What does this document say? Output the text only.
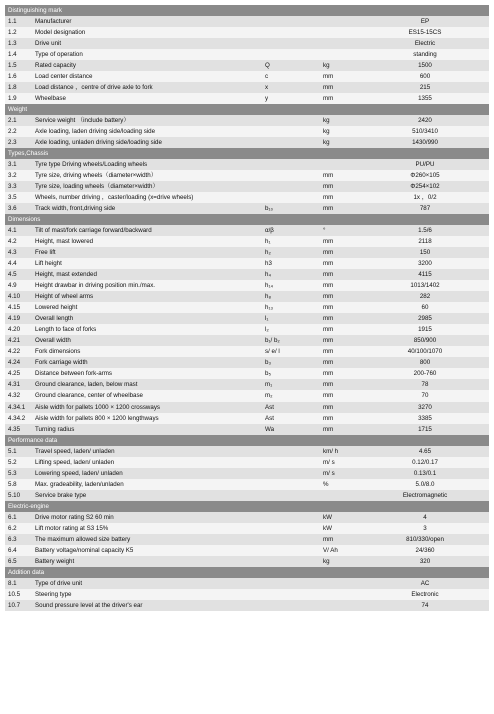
Distinguishing mark
1.1	Manufacturer	EP
1.2	Model designation	ES15-15CS
1.3	Drive unit	Electric
1.4	Type of operation	standing
1.5	Rated capacity	Q	kg	1500
1.6	Load center distance	c	mm	600
1.8	Load distance ，centre of drive axle to fork	x	mm	215
1.9	Wheelbase	y	mm	1355
Weight
2.1	Service weight （include battery）	kg	2420
2.2	Axle loading, laden driving side/loading side	kg	510/3410
2.3	Axle loading, unladen driving side/loading side	kg	1430/990
Types,Chassis
3.1	Tyre type Driving wheels/Loading wheels	PU/PU
3.2	Tyre size, driving wheels（diameter×width）	mm	Φ260×105
3.3	Tyre size, loading wheels（diameter×width）	mm	Φ254×102
3.5	Wheels, number driving ，caster/loading (x=drive wheels)	mm	1x ，0/2
3.6	Track width, front,driving side	b₁₀	mm	787
Dimensions
4.1	Tilt of mast/fork carriage forward/backward	α/β	°	1.5/6
4.2	Height, mast lowered	h₁	mm	2118
4.3	Free lift	h₂	mm	150
4.4	Lift height	h3	mm	3200
4.5	Height, mast extended	h₄	mm	4115
4.9	Height drawbar in driving position min./max.	h₁₄	mm	1013/1402
4.10 Height of wheel arms	h₈	mm	282
4.15 Lowered height	h₁₃	mm	60
4.19 Overall length	l₁	mm	2985
4.20 Length to face of forks	l₂	mm	1915
4.21 Overall width	b₁/ b₂	mm	850/900
4.22 Fork dimensions	s/ e/ l	mm	40/100/1070
4.24 Fork carriage width	b₃	mm	800
4.25 Distance between fork-arms	b₅	mm	200-760
4.31 Ground clearance, laden, below mast	m₁	mm	78
4.32 Ground clearance, center of wheelbase	m₂	mm	70
4.34.1 Aisle width for pallets 1000 × 1200 crossways	Ast	mm	3270
4.34.2 Aisle width for pallets 800 × 1200 lengthways	Ast	mm	3385
4.35 Turning radius	Wa	mm	1715
Performance data
5.1	Travel speed, laden/ unladen	km/ h	4.65
5.2	Lifting speed, laden/ unladen	m/ s	0.12/0.17
5.3	Lowering speed, laden/ unladen	m/ s	0.13/0.1
5.8	Max. gradeability, laden/unladen	%	5.0/8.0
5.10 Service brake type	Electromagnetic
Electric-engine
6.1	Drive motor rating S2 60 min	kW	4
6.2	Lift motor rating at S3 15%	kW	3
6.3	The maximum allowed size battery	mm	810/330/open
6.4	Battery voltage/nominal capacity K5	V/ Ah	24/360
6.5	Battery weight	kg	320
Addition data
8.1	Type of drive unit	AC
10.5 Steering type	Electronic
10.7 Sound pressure level at the driver's ear	74
